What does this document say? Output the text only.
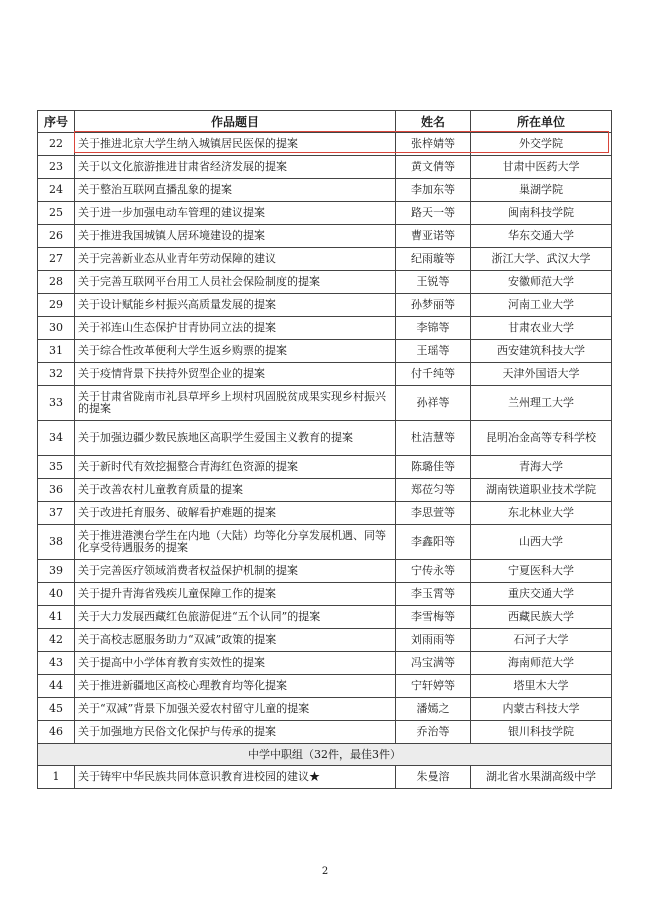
序号	作品题目	姓名	所在单位
22	关于推进北京大学生纳入城镇居民医保的提案	张梓婧等	外交学院
23	关于以文化旅游推进甘肃省经济发展的提案	黄文倩等	甘肃中医药大学
24	关于整治互联网直播乱象的提案	李加东等	巢湖学院
25	关于进一步加强电动车管理的建议提案	路天一等	闽南科技学院
26	关于推进我国城镇人居环境建设的提案	曹亚诺等	华东交通大学
27	关于完善新业态从业青年劳动保障的建议	纪雨璇等	浙江大学、武汉大学
28	关于完善互联网平台用工人员社会保险制度的提案	王锐等	安徽师范大学
29	关于设计赋能乡村振兴高质量发展的提案	孙梦丽等	河南工业大学
30	关于祁连山生态保护甘青协同立法的提案	李锦等	甘肃农业大学
31	关于综合性改革便利大学生返乡购票的提案	王瑶等	西安建筑科技大学
32	关于疫情背景下扶持外贸型企业的提案	付千纯等	天津外国语大学
33	关于甘肃省陇南市礼县草坪乡上坝村巩固脱贫成果实现乡村振兴的提案	孙祥等	兰州理工大学
34	关于加强边疆少数民族地区高职学生爱国主义教育的提案	杜洁慧等	昆明冶金高等专科学校
35	关于新时代有效挖掘整合青海红色资源的提案	陈璐佳等	青海大学
36	关于改善农村儿童教育质量的提案	郑莅匀等	湖南铁道职业技术学院
37	关于改进托育服务、破解看护难题的提案	李思萱等	东北林业大学
38	关于推进港澳台学生在内地（大陆）均等化分享发展机遇、同等化享受待遇服务的提案	李鑫阳等	山西大学
39	关于完善医疗领域消费者权益保护机制的提案	宁传永等	宁夏医科大学
40	关于提升青海省残疾儿童保障工作的提案	李玉霄等	重庆交通大学
41	关于大力发展西藏红色旅游促进“五个认同”的提案	李雪梅等	西藏民族大学
42	关于高校志愿服务助力“双减”政策的提案	刘雨雨等	石河子大学
43	关于提高中小学体育教育实效性的提案	冯宝满等	海南师范大学
44	关于推进新疆地区高校心理教育均等化提案	宁轩婷等	塔里木大学
45	关于“双减”背景下加强关爱农村留守儿童的提案	潘嫣之	内蒙古科技大学
46	关于加强地方民俗文化保护与传承的提案	乔治等	银川科技学院
中学中职组（32件，最佳3件）			
1	关于铸牢中华民族共同体意识教育进校园的建议★	朱曼溶	湖北省水果湖高级中学
2
